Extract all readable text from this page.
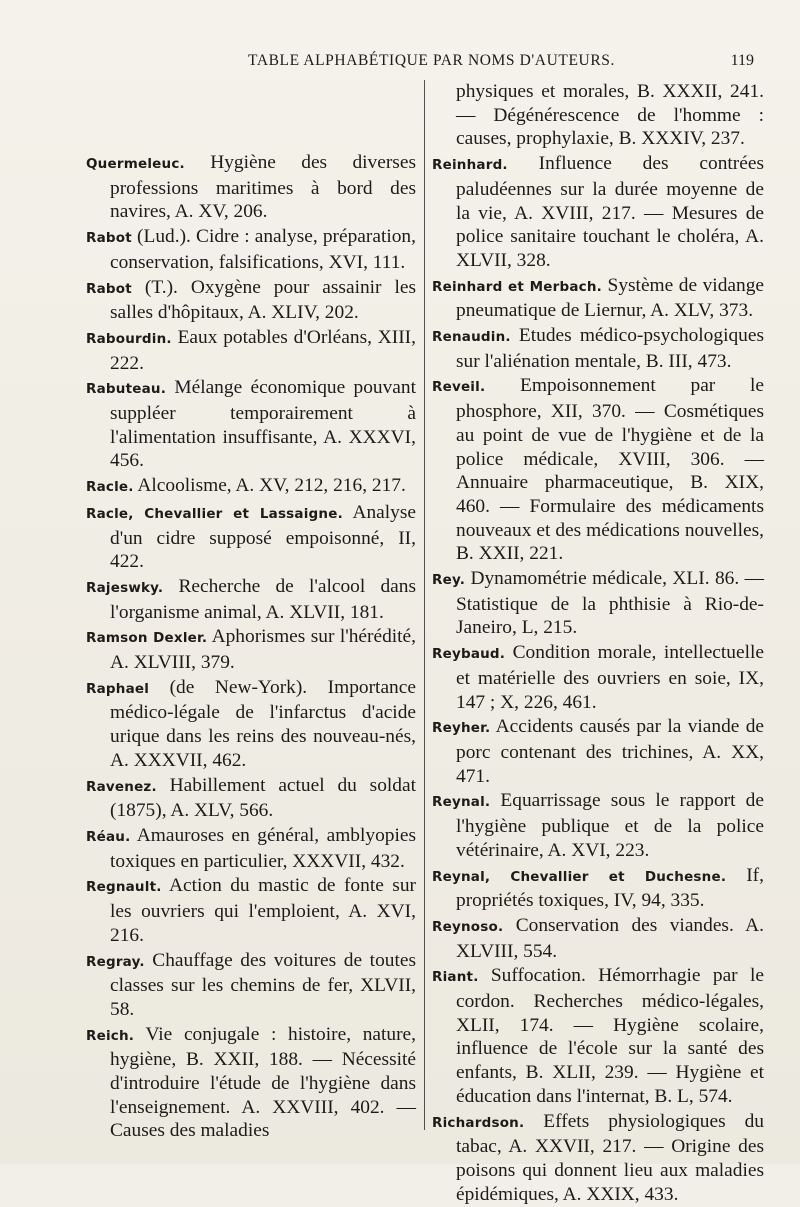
TABLE ALPHABÉTIQUE PAR NOMS D'AUTEURS.	119

Quermeleuc. Hygiène des diverses professions maritimes à bord des navires, A. XV, 206.

Rabot (Lud.). Cidre : analyse, préparation, conservation, falsifications, XVI, 111.

Rabot (T.). Oxygène pour assainir les salles d'hôpitaux, A. XLIV, 202.

Rabourdin. Eaux potables d'Orléans, XIII, 222.

Rabuteau. Mélange économique pouvant suppléer temporairement à l'alimentation insuffisante, A. XXXVI, 456.

Racle. Alcoolisme, A. XV, 212, 216, 217.

Racle, Chevallier et Lassaigne. Analyse d'un cidre supposé empoisonné, II, 422.

Rajeswky. Recherche de l'alcool dans l'organisme animal, A. XLVII, 181.

Ramson Dexler. Aphorismes sur l'hérédité, A. XLVIII, 379.

Raphael (de New-York). Importance médico-légale de l'infarctus d'acide urique dans les reins des nouveau-nés, A. XXXVII, 462.

Ravenez. Habillement actuel du soldat (1875), A. XLV, 566.

Réau. Amauroses en général, amblyopies toxiques en particulier, XXXVII, 432.

Regnault. Action du mastic de fonte sur les ouvriers qui l'emploient, A. XVI, 216.

Regray. Chauffage des voitures de toutes classes sur les chemins de fer, XLVII, 58.

Reich. Vie conjugale : histoire, nature, hygiène, B. XXII, 188. — Nécessité d'introduire l'étude de l'hygiène dans l'enseignement. A. XXVIII, 402. — Causes des maladies

physiques et morales, B. XXXII, 241. — Dégénérescence de l'homme : causes, prophylaxie, B. XXXIV, 237.

Reinhard. Influence des contrées paludéennes sur la durée moyenne de la vie, A. XVIII, 217. — Mesures de police sanitaire touchant le choléra, A. XLVII, 328.

Reinhard et Merbach. Système de vidange pneumatique de Liernur, A. XLV, 373.

Renaudin. Etudes médico-psychologiques sur l'aliénation mentale, B. III, 473.

Reveil. Empoisonnement par le phosphore, XII, 370. — Cosmétiques au point de vue de l'hygiène et de la police médicale, XVIII, 306. — Annuaire pharmaceutique, B. XIX, 460. — Formulaire des médicaments nouveaux et des médications nouvelles, B. XXII, 221.

Rey. Dynamométrie médicale, XLI. 86. — Statistique de la phthisie à Rio-de-Janeiro, L, 215.

Reybaud. Condition morale, intellectuelle et matérielle des ouvriers en soie, IX, 147 ; X, 226, 461.

Reyher. Accidents causés par la viande de porc contenant des trichines, A. XX, 471.

Reynal. Equarrissage sous le rapport de l'hygiène publique et de la police vétérinaire, A. XVI, 223.

Reynal, Chevallier et Duchesne. If, propriétés toxiques, IV, 94, 335.

Reynoso. Conservation des viandes. A. XLVIII, 554.

Riant. Suffocation. Hémorrhagie par le cordon. Recherches médico-légales, XLII, 174. — Hygiène scolaire, influence de l'école sur la santé des enfants, B. XLII, 239. — Hygiène et éducation dans l'internat, B. L, 574.

Richardson. Effets physiologiques du tabac, A. XXVII, 217. — Origine des poisons qui donnent lieu aux maladies épidémiques, A. XXIX, 433.
